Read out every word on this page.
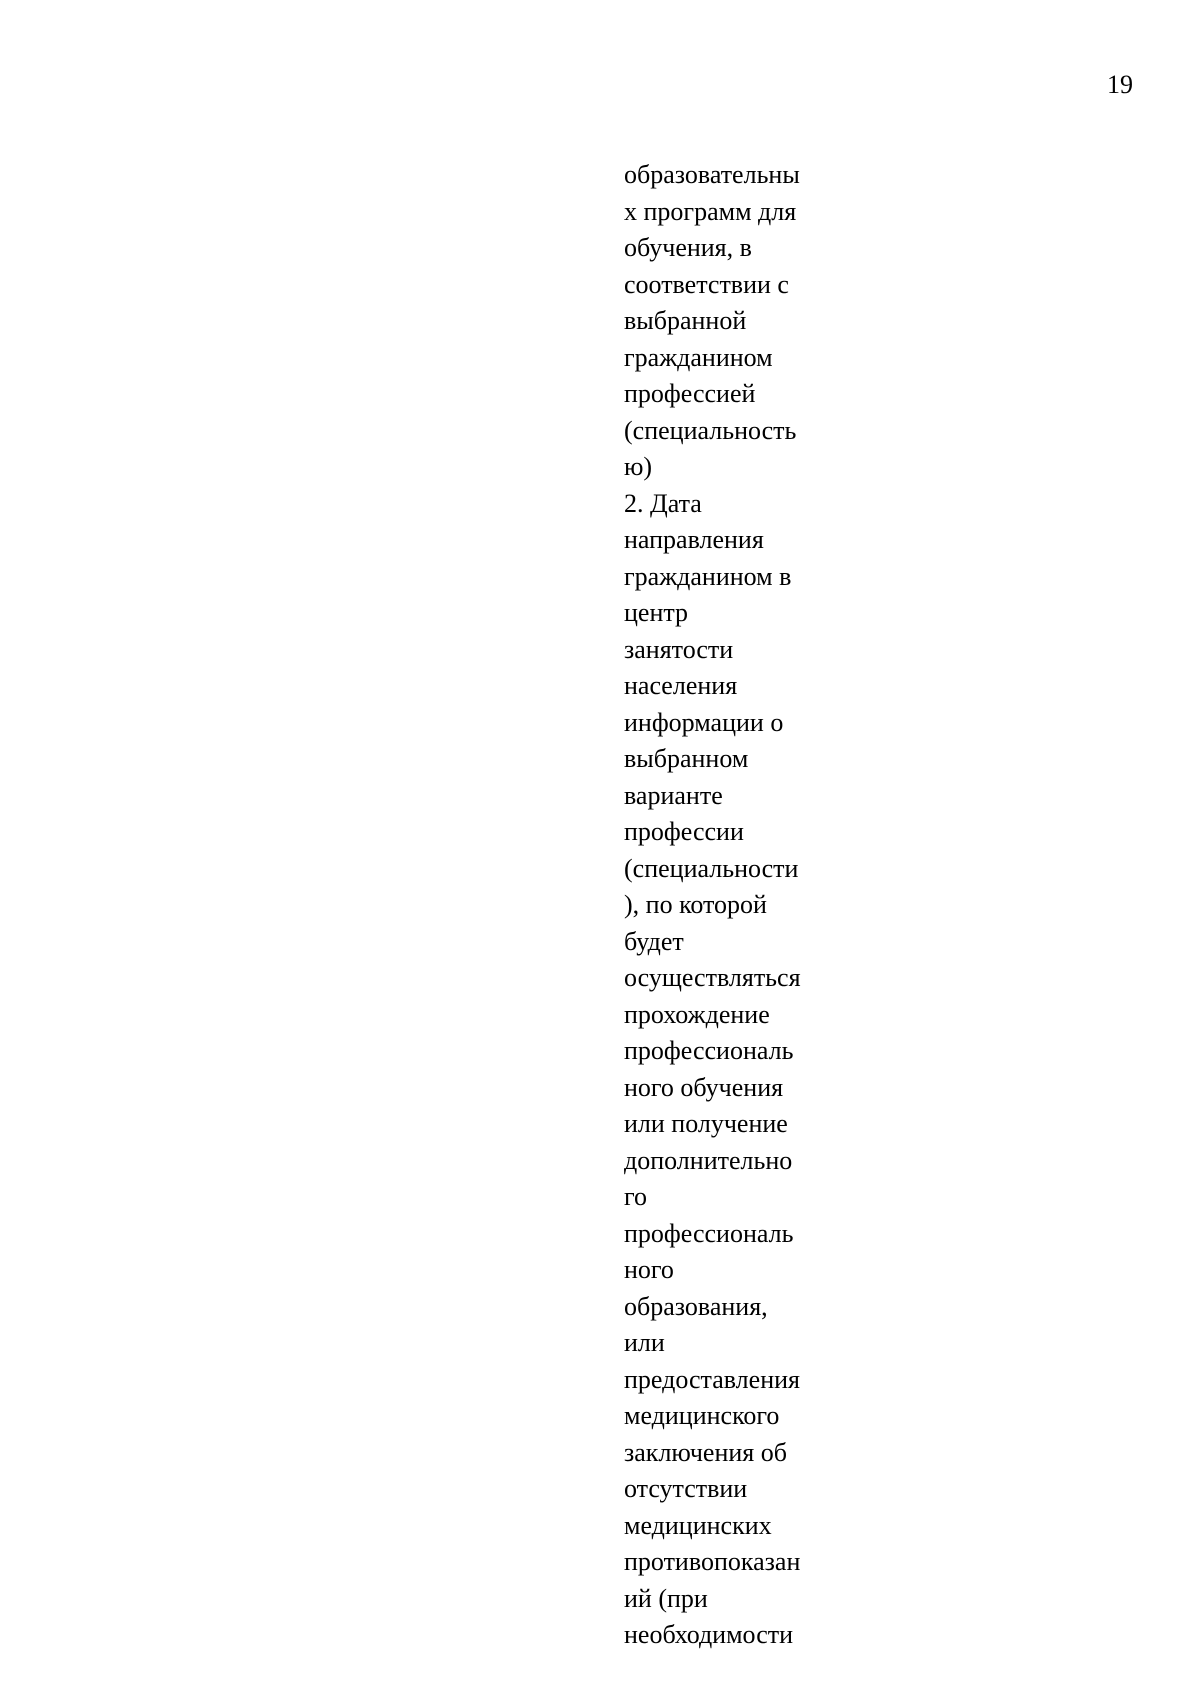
19
образовательны
х программ для
обучения, в
соответствии с
выбранной
гражданином
профессией
(специальность
ю)
2. Дата
направления
гражданином в
центр
занятости
населения
информации о
выбранном
варианте
профессии
(специальности
), по которой
будет
осуществляться
прохождение
профессиональ
ного обучения
или получение
дополнительно
го
профессиональ
ного
образования,
или
предоставления
медицинского
заключения об
отсутствии
медицинских
противопоказан
ий (при
необходимости
